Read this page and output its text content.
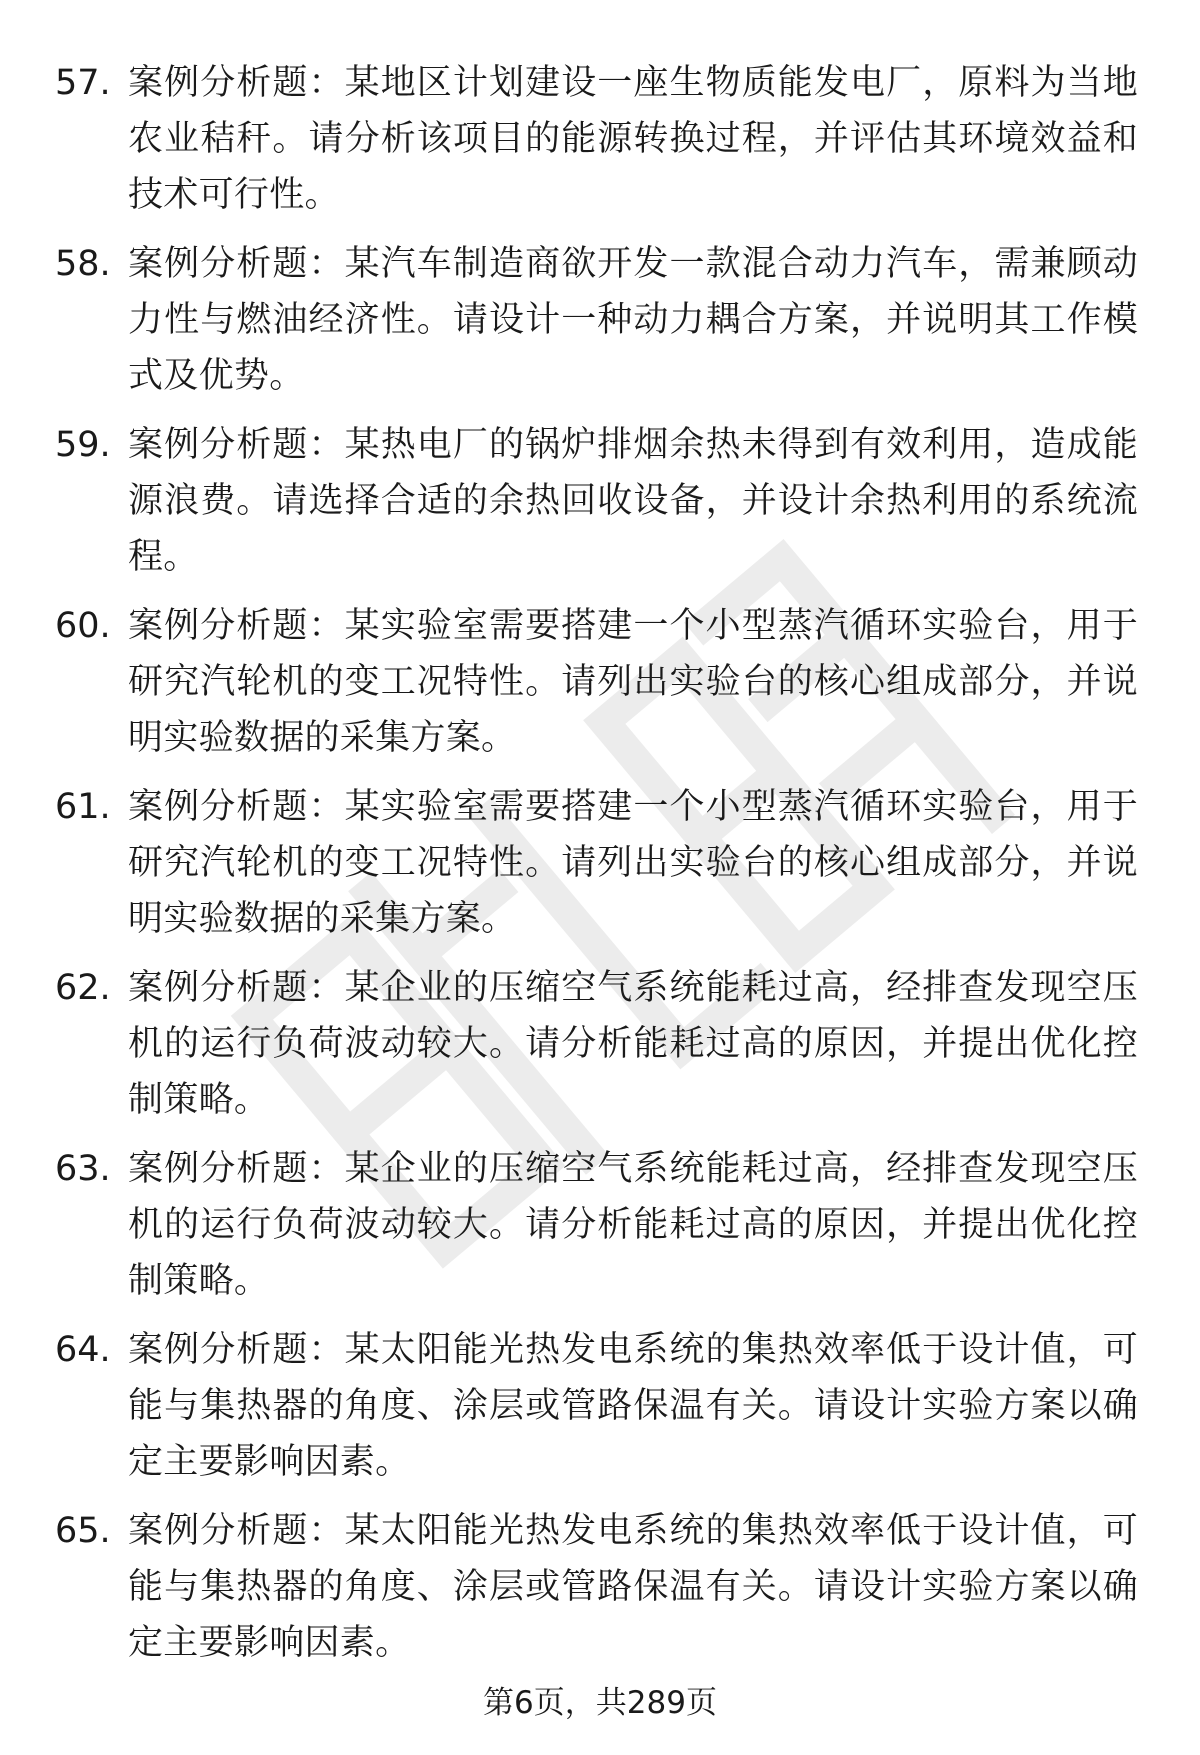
57. 案例分析题：某地区计划建设一座生物质能发电厂，原料为当地农业秸秆。请分析该项目的能源转换过程，并评估其环境效益和技术可行性。
58. 案例分析题：某汽车制造商欲开发一款混合动力汽车，需兼顾动力性与燃油经济性。请设计一种动力耦合方案，并说明其工作模式及优势。
59. 案例分析题：某热电厂的锅炉排烟余热未得到有效利用，造成能源浪费。请选择合适的余热回收设备，并设计余热利用的系统流程。
60. 案例分析题：某实验室需要搭建一个小型蒸汽循环实验台，用于研究汽轮机的变工况特性。请列出实验台的核心组成部分，并说明实验数据的采集方案。
61. 案例分析题：某实验室需要搭建一个小型蒸汽循环实验台，用于研究汽轮机的变工况特性。请列出实验台的核心组成部分，并说明实验数据的采集方案。
62. 案例分析题：某企业的压缩空气系统能耗过高，经排查发现空压机的运行负荷波动较大。请分析能耗过高的原因，并提出优化控制策略。
63. 案例分析题：某企业的压缩空气系统能耗过高，经排查发现空压机的运行负荷波动较大。请分析能耗过高的原因，并提出优化控制策略。
64. 案例分析题：某太阳能光热发电系统的集热效率低于设计值，可能与集热器的角度、涂层或管路保温有关。请设计实验方案以确定主要影响因素。
65. 案例分析题：某太阳能光热发电系统的集热效率低于设计值，可能与集热器的角度、涂层或管路保温有关。请设计实验方案以确定主要影响因素。
第6页，共289页
